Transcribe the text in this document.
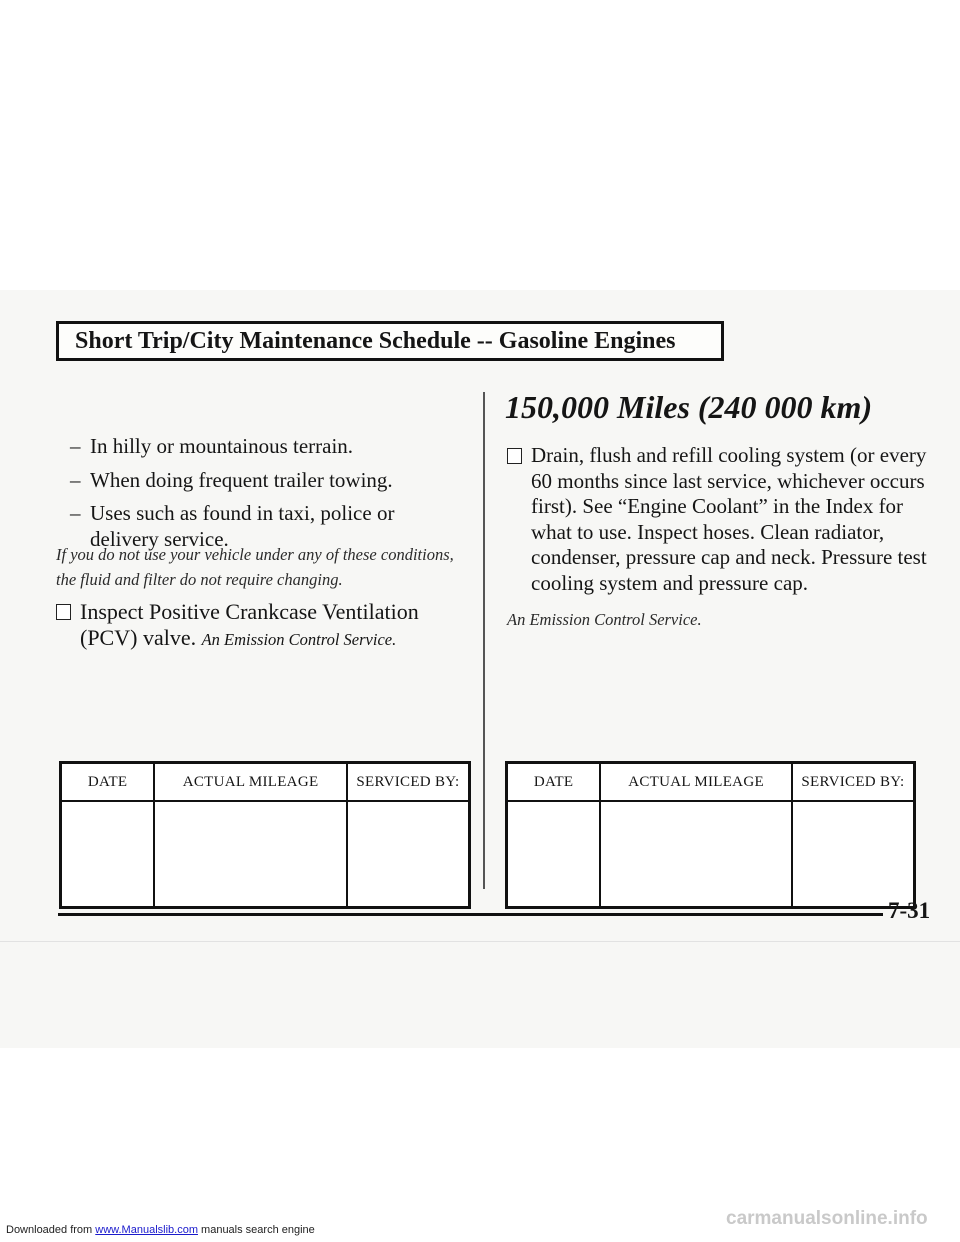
Short Trip/City Maintenance Schedule -- Gasoline Engines
– In hilly or mountainous terrain.
– When doing frequent trailer towing.
– Uses such as found in taxi, police or delivery service.
If you do not use your vehicle under any of these conditions, the fluid and filter do not require changing.
Inspect Positive Crankcase Ventilation (PCV) valve. An Emission Control Service.
150,000 Miles (240 000 km)
Drain, flush and refill cooling system (or every 60 months since last service, whichever occurs first). See “Engine Coolant” in the Index for what to use. Inspect hoses. Clean radiator, condenser, pressure cap and neck. Pressure test cooling system and pressure cap.
An Emission Control Service.
DATE	ACTUAL MILEAGE	SERVICED BY:
			DATE	ACTUAL MILEAGE	SERVICED BY:

7-31
Downloaded from www.Manualslib.com manuals search engine
carmanualsonline.info
